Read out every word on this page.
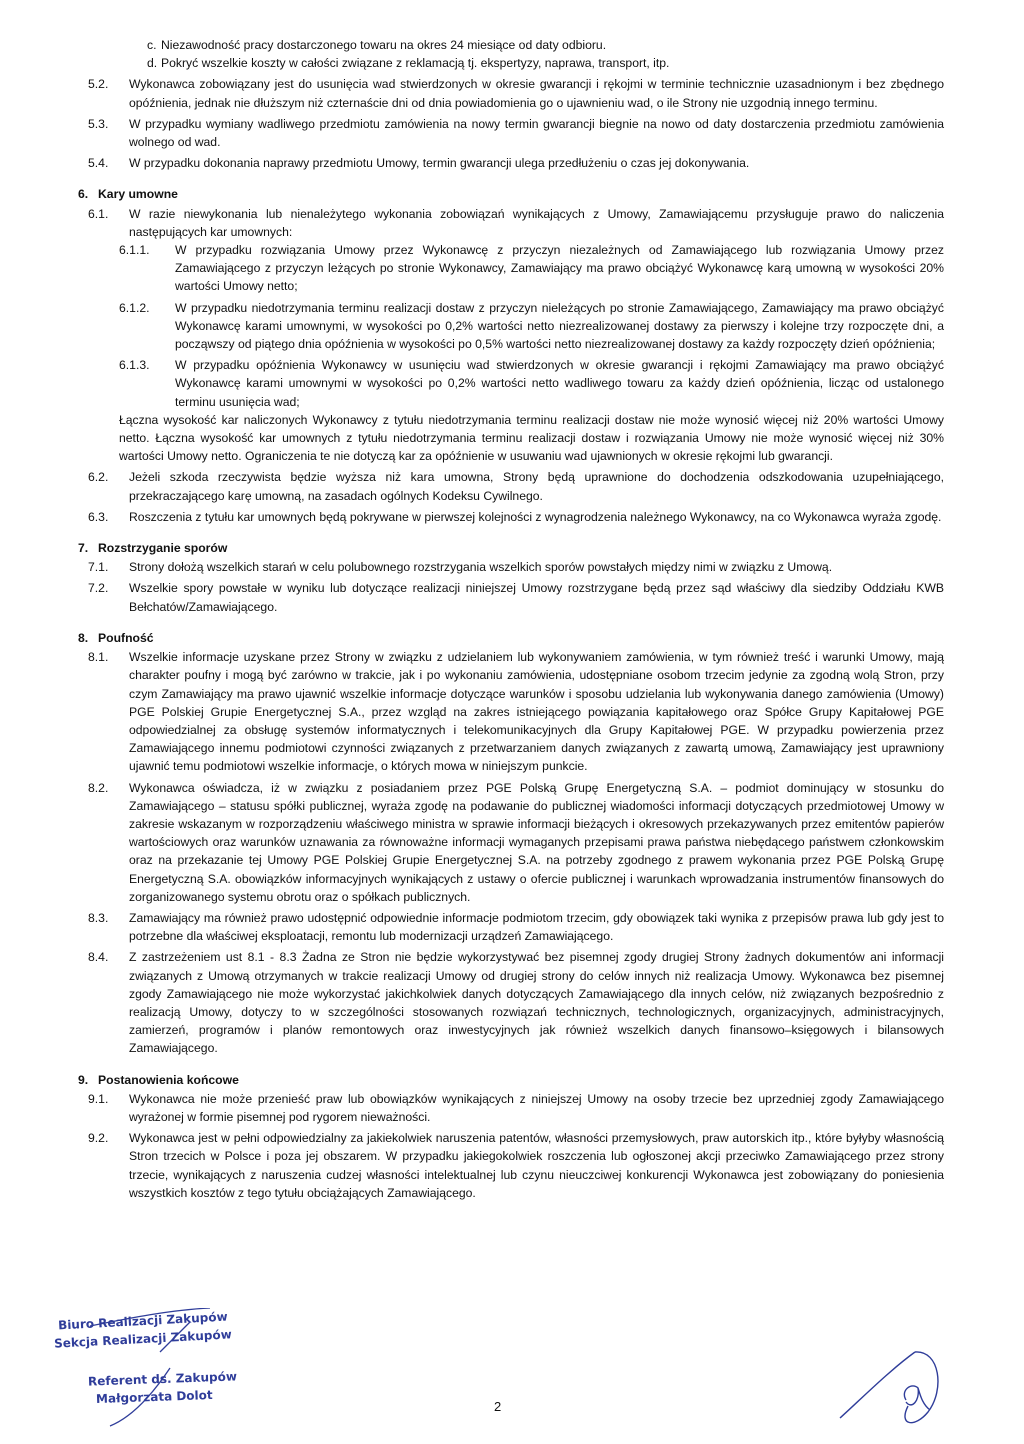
c. Niezawodność pracy dostarczonego towaru na okres 24 miesiące od daty odbioru.
d. Pokryć wszelkie koszty w całości związane z reklamacją tj. ekspertyzy, naprawa, transport, itp.
5.2.	Wykonawca zobowiązany jest do usunięcia wad stwierdzonych w okresie gwarancji i rękojmi w terminie technicznie uzasadnionym i bez zbędnego opóźnienia, jednak nie dłuższym niż czternaście dni od dnia powiadomienia go o ujawnieniu wad, o ile Strony nie uzgodnią innego terminu.
5.3.	W przypadku wymiany wadliwego przedmiotu zamówienia na nowy termin gwarancji biegnie na nowo od daty dostarczenia przedmiotu zamówienia wolnego od wad.
5.4.	W przypadku dokonania naprawy przedmiotu Umowy, termin gwarancji ulega przedłużeniu o czas jej dokonywania.
6. Kary umowne
6.1.	W razie niewykonania lub nienależytego wykonania zobowiązań wynikających z Umowy, Zamawiającemu przysługuje prawo do naliczenia następujących kar umownych:
6.1.1.	W przypadku rozwiązania Umowy przez Wykonawcę z przyczyn niezależnych od Zamawiającego lub rozwiązania Umowy przez Zamawiającego z przyczyn leżących po stronie Wykonawcy, Zamawiający ma prawo obciążyć Wykonawcę karą umowną w wysokości 20% wartości Umowy netto;
6.1.2.	W przypadku niedotrzymania terminu realizacji dostaw z przyczyn nieleżących po stronie Zamawiającego, Zamawiający ma prawo obciążyć Wykonawcę karami umownymi, w wysokości po 0,2% wartości netto niezrealizowanej dostawy za pierwszy i kolejne trzy rozpoczęte dni, a począwszy od piątego dnia opóźnienia w wysokości po 0,5% wartości netto niezrealizowanej dostawy za każdy rozpoczęty dzień opóźnienia;
6.1.3.	W przypadku opóźnienia Wykonawcy w usunięciu wad stwierdzonych w okresie gwarancji i rękojmi Zamawiający ma prawo obciążyć Wykonawcę karami umownymi w wysokości po 0,2% wartości netto wadliwego towaru za każdy dzień opóźnienia, licząc od ustalonego terminu usunięcia wad;
Łączna wysokość kar naliczonych Wykonawcy z tytułu niedotrzymania terminu realizacji dostaw nie może wynosić więcej niż 20% wartości Umowy netto. Łączna wysokość kar umownych z tytułu niedotrzymania terminu realizacji dostaw i rozwiązania Umowy nie może wynosić więcej niż 30% wartości Umowy netto. Ograniczenia te nie dotyczą kar za opóźnienie w usuwaniu wad ujawnionych w okresie rękojmi lub gwarancji.
6.2.	Jeżeli szkoda rzeczywista będzie wyższa niż kara umowna, Strony będą uprawnione do dochodzenia odszkodowania uzupełniającego, przekraczającego karę umowną, na zasadach ogólnych Kodeksu Cywilnego.
6.3.	Roszczenia z tytułu kar umownych będą pokrywane w pierwszej kolejności z wynagrodzenia należnego Wykonawcy, na co Wykonawca wyraża zgodę.
7. Rozstrzyganie sporów
7.1.	Strony dołożą wszelkich starań w celu polubownego rozstrzygania wszelkich sporów powstałych między nimi w związku z Umową.
7.2.	Wszelkie spory powstałe w wyniku lub dotyczące realizacji niniejszej Umowy rozstrzygane będą przez sąd właściwy dla siedziby Oddziału KWB Bełchatów/Zamawiającego.
8. Poufność
8.1.	Wszelkie informacje uzyskane przez Strony w związku z udzielaniem lub wykonywaniem zamówienia, w tym również treść i warunki Umowy, mają charakter poufny i mogą być zarówno w trakcie, jak i po wykonaniu zamówienia, udostępniane osobom trzecim jedynie za zgodną wolą Stron, przy czym Zamawiający ma prawo ujawnić wszelkie informacje dotyczące warunków i sposobu udzielania lub wykonywania danego zamówienia (Umowy) PGE Polskiej Grupie Energetycznej S.A., przez wzgląd na zakres istniejącego powiązania kapitałowego oraz Spółce Grupy Kapitałowej PGE odpowiedzialnej za obsługę systemów informatycznych i telekomunikacyjnych dla Grupy Kapitałowej PGE. W przypadku powierzenia przez Zamawiającego innemu podmiotowi czynności związanych z przetwarzaniem danych związanych z zawartą umową, Zamawiający jest uprawniony ujawnić temu podmiotowi wszelkie informacje, o których mowa w niniejszym punkcie.
8.2.	Wykonawca oświadcza, iż w związku z posiadaniem przez PGE Polską Grupę Energetyczną S.A. – podmiot dominujący w stosunku do Zamawiającego – statusu spółki publicznej, wyraża zgodę na podawanie do publicznej wiadomości informacji dotyczących przedmiotowej Umowy w zakresie wskazanym w rozporządzeniu właściwego ministra w sprawie informacji bieżących i okresowych przekazywanych przez emitentów papierów wartościowych oraz warunków uznawania za równoważne informacji wymaganych przepisami prawa państwa niebędącego państwem członkowskim oraz na przekazanie tej Umowy PGE Polskiej Grupie Energetycznej S.A. na potrzeby zgodnego z prawem wykonania przez PGE Polską Grupę Energetyczną S.A. obowiązków informacyjnych wynikających z ustawy o ofercie publicznej i warunkach wprowadzania instrumentów finansowych do zorganizowanego systemu obrotu oraz o spółkach publicznych.
8.3.	Zamawiający ma również prawo udostępnić odpowiednie informacje podmiotom trzecim, gdy obowiązek taki wynika z przepisów prawa lub gdy jest to potrzebne dla właściwej eksploatacji, remontu lub modernizacji urządzeń Zamawiającego.
8.4.	Z zastrzeżeniem ust 8.1 - 8.3 Żadna ze Stron nie będzie wykorzystywać bez pisemnej zgody drugiej Strony żadnych dokumentów ani informacji związanych z Umową otrzymanych w trakcie realizacji Umowy od drugiej strony do celów innych niż realizacja Umowy. Wykonawca bez pisemnej zgody Zamawiającego nie może wykorzystać jakichkolwiek danych dotyczących Zamawiającego dla innych celów, niż związanych bezpośrednio z realizacją Umowy, dotyczy to w szczególności stosowanych rozwiązań technicznych, technologicznych, organizacyjnych, administracyjnych, zamierzeń, programów i planów remontowych oraz inwestycyjnych jak również wszelkich danych finansowo–księgowych i bilansowych Zamawiającego.
9. Postanowienia końcowe
9.1.	Wykonawca nie może przenieść praw lub obowiązków wynikających z niniejszej Umowy na osoby trzecie bez uprzedniej zgody Zamawiającego wyrażonej w formie pisemnej pod rygorem nieważności.
9.2.	Wykonawca jest w pełni odpowiedzialny za jakiekolwiek naruszenia patentów, własności przemysłowych, praw autorskich itp., które byłyby własnością Stron trzecich w Polsce i poza jej obszarem. W przypadku jakiegokolwiek roszczenia lub ogłoszonej akcji przeciwko Zamawiającego przez strony trzecie, wynikających z naruszenia cudzej własności intelektualnej lub czynu nieuczciwej konkurencji Wykonawca jest zobowiązany do poniesienia wszystkich kosztów z tego tytułu obciążających Zamawiającego.
Biuro Realizacji Zakupów
Sekcja Realizacji Zakupów
Referent ds. Zakupów
Małgorzata Dolot
2
